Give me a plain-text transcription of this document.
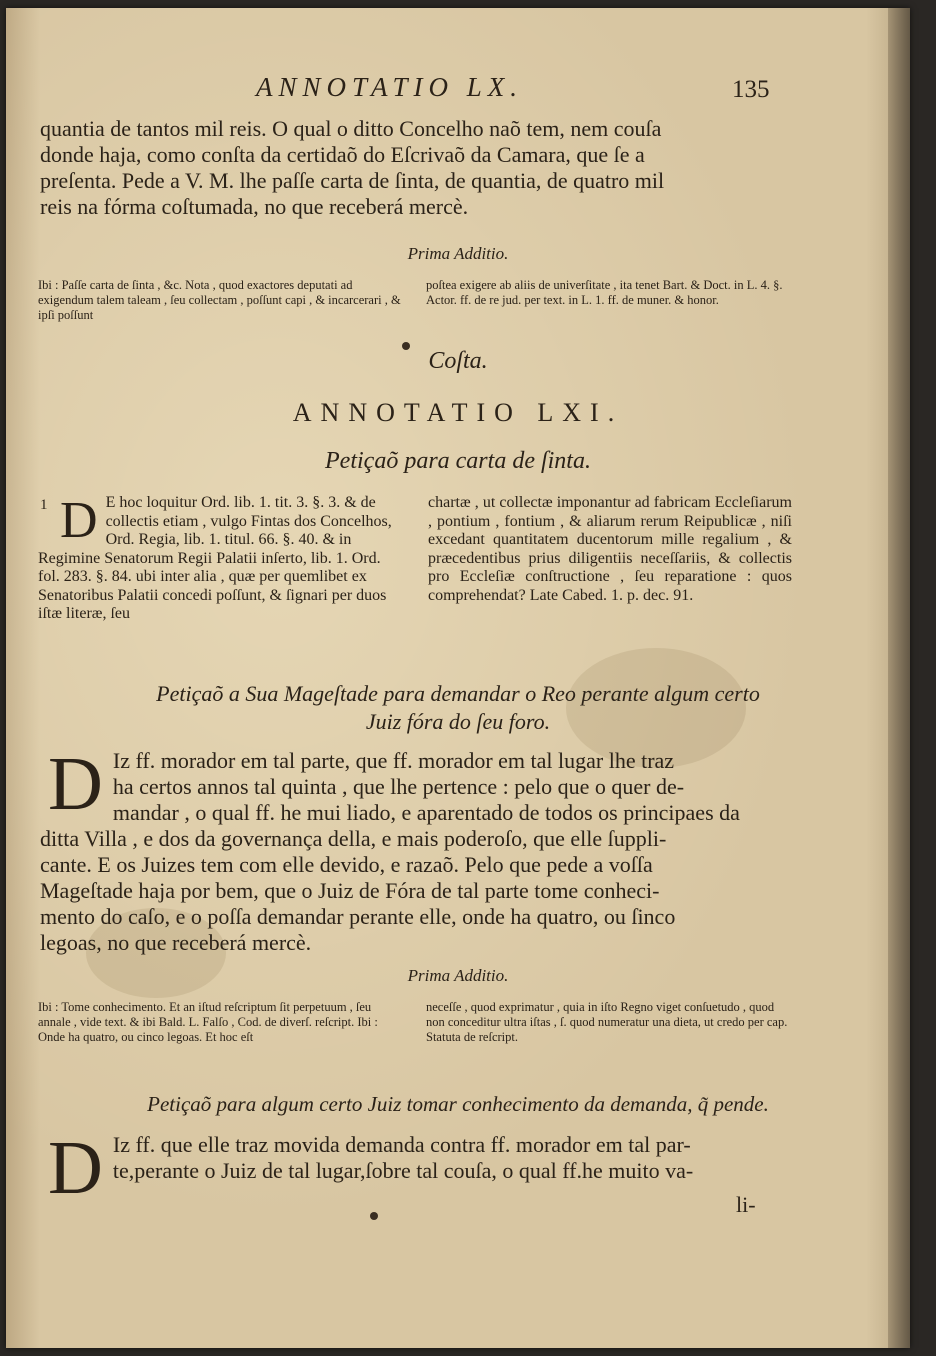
ANNOTATIO LX.	135
quantia de tantos mil reis. O qual o ditto Concelho naõ tem, nem couſa
donde haja, como conſta da certidaõ do Eſcrivaõ da Camara, que ſe a
preſenta. Pede a V. M. lhe paſſe carta de ſinta, de quantia, de quatro mil
reis na fórma coſtumada, no que receberá mercè.
Prima Additio.
Ibi : Paſſe carta de ſinta , &c. Nota , quod exactores deputati ad exigendum talem taleam , ſeu collectam , poſſunt capi , & incarcerari , & ipſi poſſunt
poſtea exigere ab aliis de univerſitate , ita tenet Bart. & Doct. in L. 4. §. Actor. ff. de re jud. per text. in L. 1. ff. de muner. & honor.
Coſta.
ANNOTATIO LXI.
Petiçaõ para carta de ſinta.
1 D E hoc loquitur Ord. lib. 1. tit. 3. §. 3. & de collectis etiam , vulgo Fintas dos Concelhos, Ord. Regia, lib. 1. titul. 66. §. 40. & in Regimine Senatorum Regii Palatii inſerto, lib. 1. Ord. fol. 283. §. 84. ubi inter alia , quæ per quemlibet ex Senatoribus Palatii concedi poſſunt, & ſignari per duos iſtæ literæ, ſeu
chartæ , ut collectæ imponantur ad fabricam Eccleſiarum , pontium , fontium , & aliarum rerum Reipublicæ , niſi excedant quantitatem ducentorum mille regalium , & præcedentibus prius diligentiis neceſſariis, & collectis pro Eccleſiæ conſtructione , ſeu reparatione : quos comprehendat? Late Cabed. 1. p. dec. 91.
Petiçaõ a Sua Mageſtade para demandar o Reo perante algum certo
Juiz fóra do ſeu foro.
D Iz ff. morador em tal parte, que ff. morador em tal lugar lhe traz
ha certos annos tal quinta , que lhe pertence : pelo que o quer de-
mandar , o qual ff. he mui liado, e aparentado de todos os principaes da
ditta Villa , e dos da governança della, e mais poderoſo, que elle ſuppli-
cante. E os Juizes tem com elle devido, e razaõ. Pelo que pede a voſſa
Mageſtade haja por bem, que o Juiz de Fóra de tal parte tome conheci-
mento do caſo, e o poſſa demandar perante elle, onde ha quatro, ou ſinco
legoas, no que receberá mercè.
Prima Additio.
Ibi : Tome conhecimento. Et an iſtud reſcriptum ſit perpetuum , ſeu annale , vide text. & ibi Bald. L. Falſo , Cod. de diverſ. reſcript. Ibi : Onde ha quatro, ou cinco legoas. Et hoc eſt
neceſſe , quod exprimatur , quia in iſto Regno viget conſuetudo , quod non conceditur ultra iſtas , ſ. quod numeratur una dieta, ut credo per cap. Statuta de reſcript.
Petiçaõ para algum certo Juiz tomar conhecimento da demanda, q̃ pende.
D Iz ff. que elle traz movida demanda contra ff. morador em tal par-
te,perante o Juiz de tal lugar,ſobre tal couſa, o qual ff.he muito va-
li-
